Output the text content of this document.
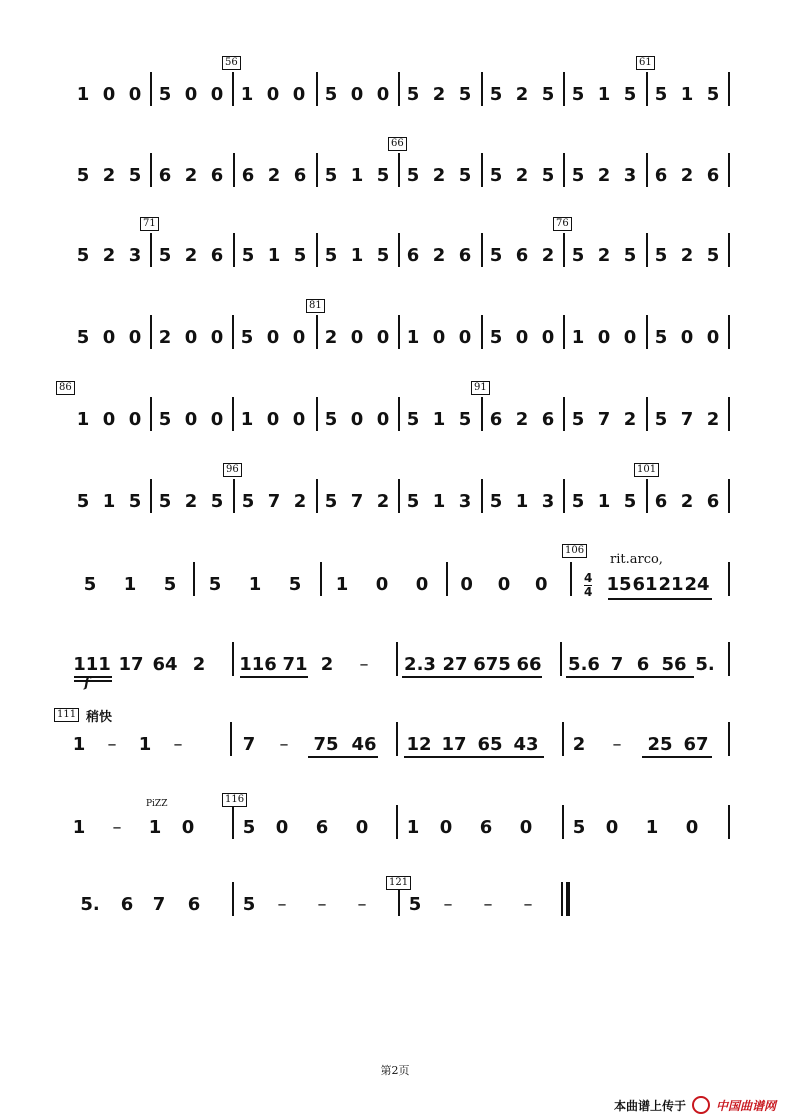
1 0 0 5 0 0
56
1 0 0	5 0 0 5 2 5	5 2 5 5 1 5
61
5 1 5
5 2 5 6 2 6	6 2 6	5 1 5
66
5 2 5	5 2 5 5 2 3	6 2 6
5 2 3
71
5 2 6	5 1 5	5 1 5 6 2 6	5 6 2
76
5 2 5	5 2 5
5 0 0 2 0 0 5 0 0
81
2 0 0 1 0 0	5 0 0 1 0 0	5 0 0
86
1 0 0 5 0 0 1 0 0	5 0 0 5 1 5
91
6 2 6 5 7 2	5 7 2
5 1 5 5 2 5
96
5 7 2	5 7 2 5 1 3	5 1 3 5 1 5
101
6 2 6
5	1	5	5	1	5	1	0	0	0	0	0
106
4
4
rit.arco,
15 61 21 24
111 17 64 2
f
116 71 2	–	2.3 27 675 66 5.6 7 6 56 5.
111 稍快
1	–	1	–	7	–	75 46	12 17 65 43	2	–	25 67
PiZZ
1	–	1	0
116
5	0	6	0	1	0	6	0	5	0	1	0
5.	6	7	6	5	–	–	–
121
5	–	–	–
第2页
本曲谱上传于	中国曲谱网
